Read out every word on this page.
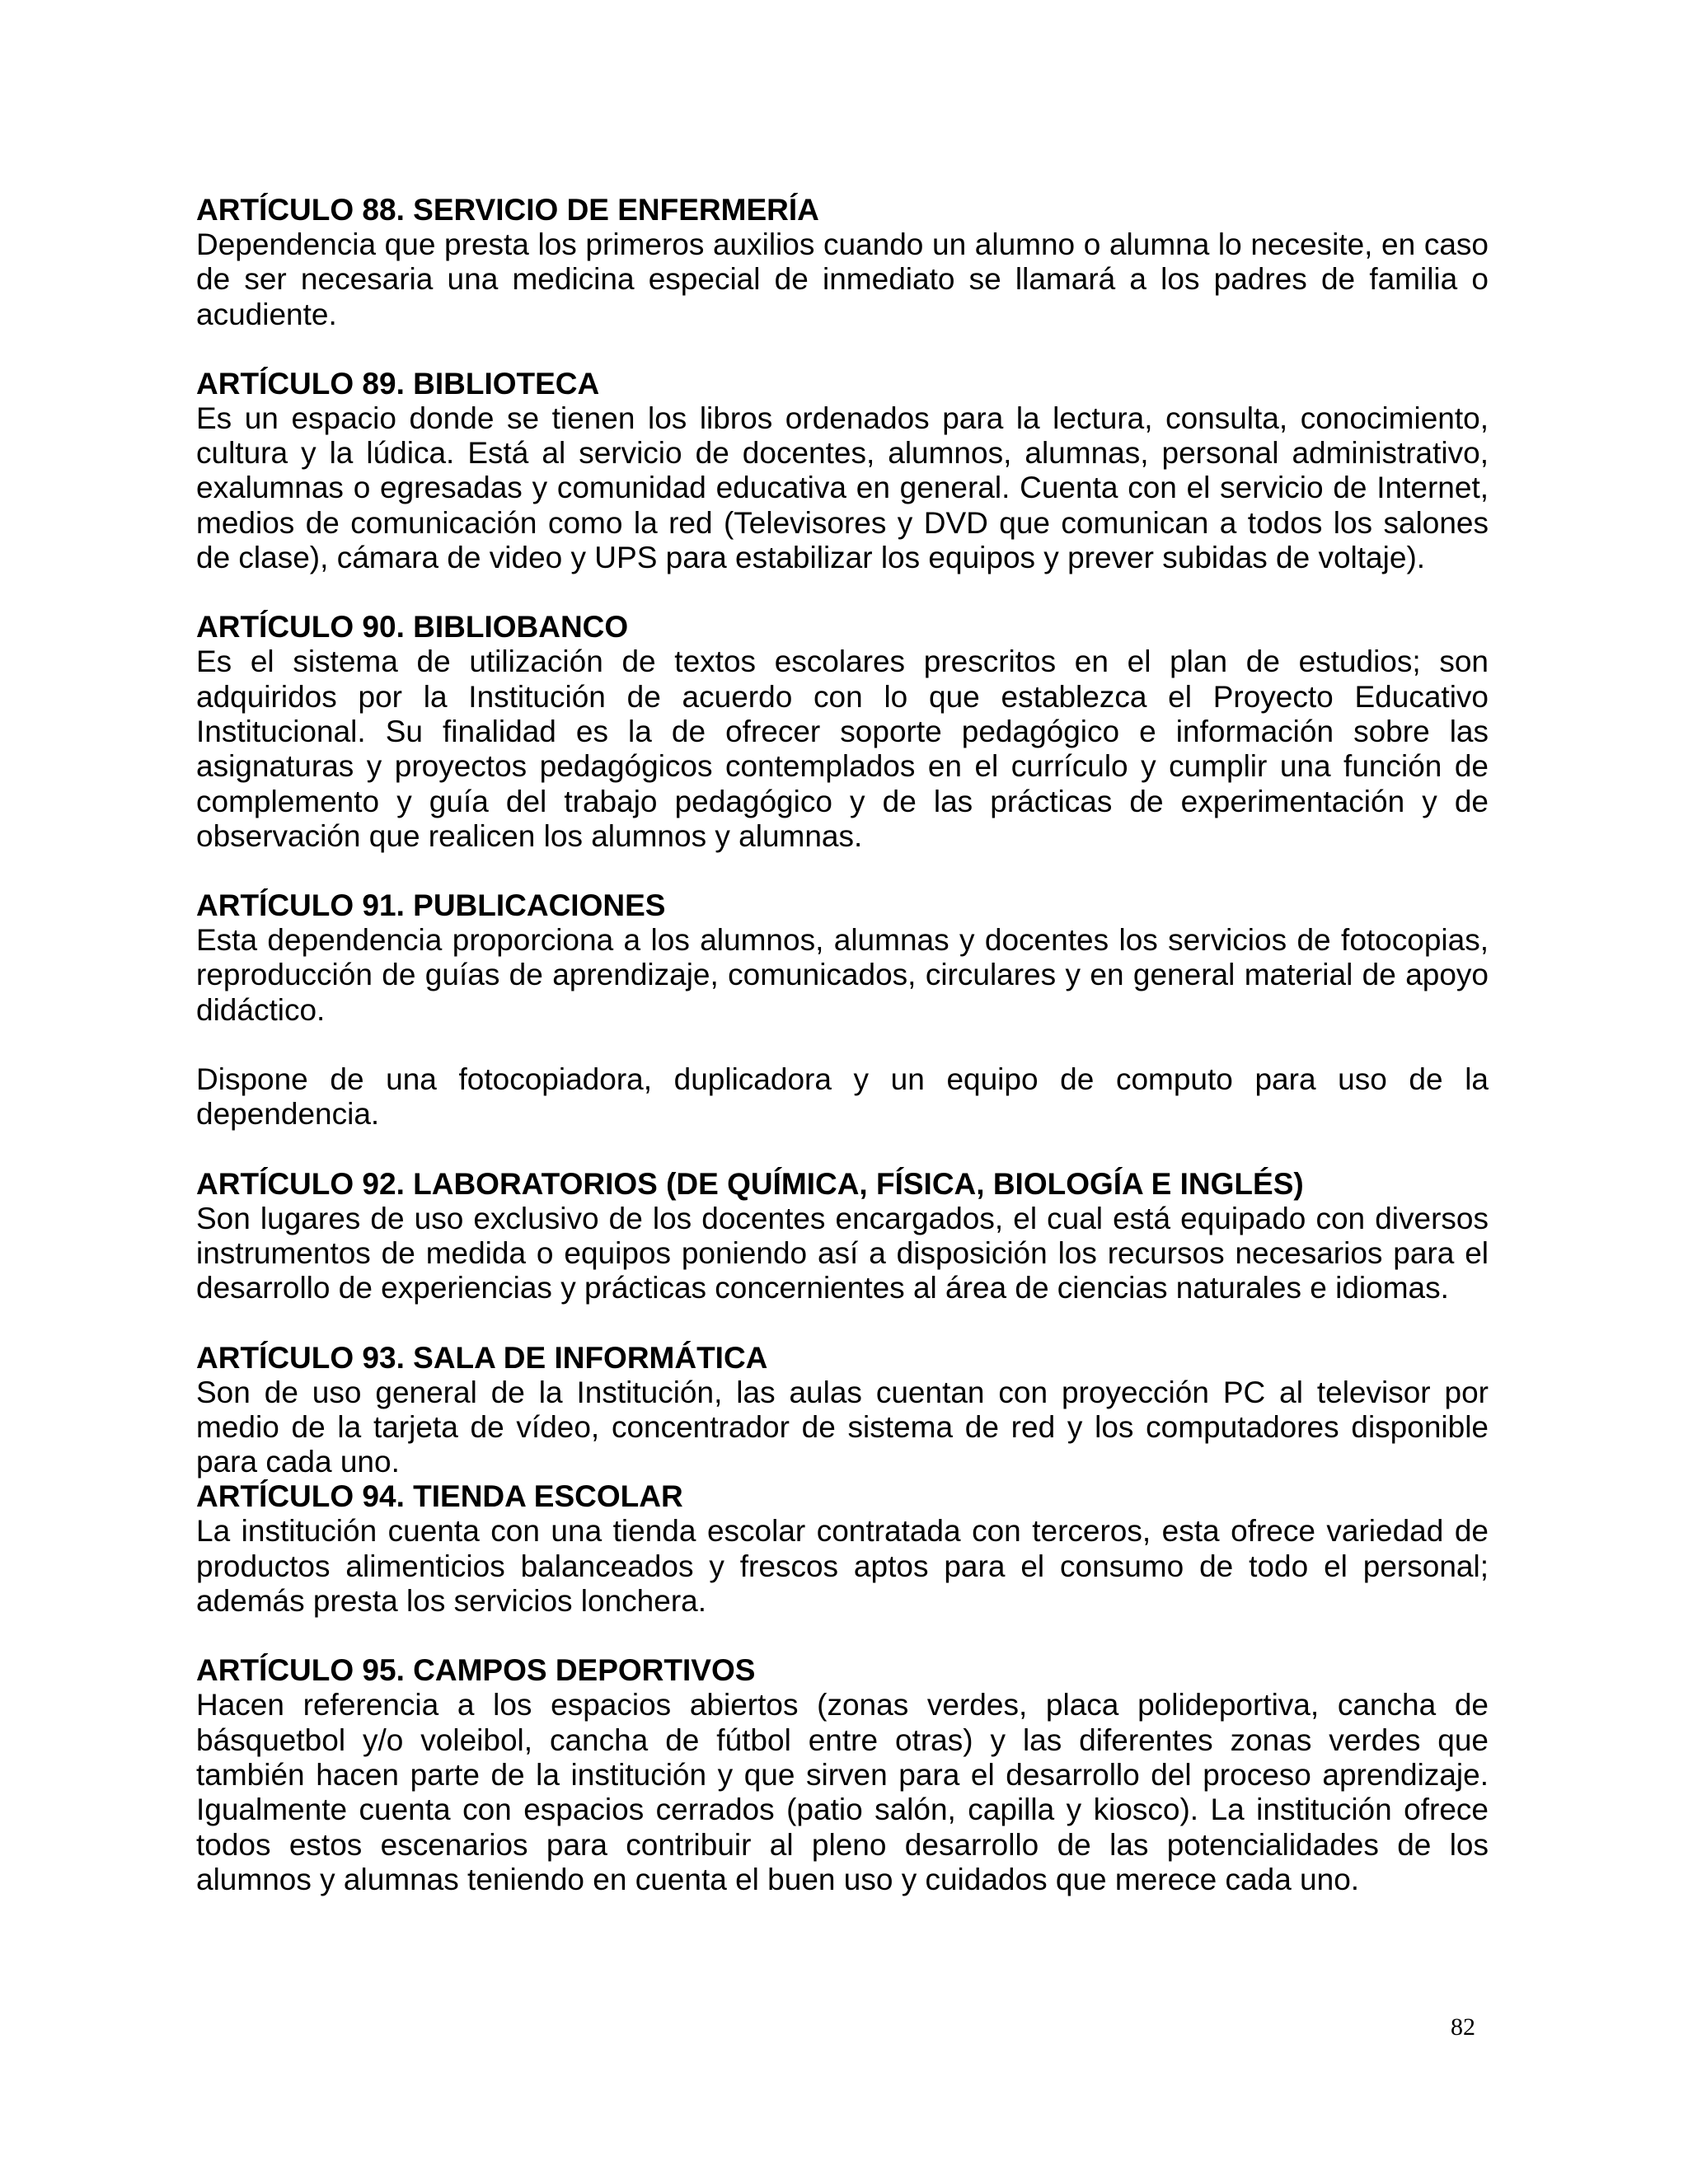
ARTÍCULO 88. SERVICIO DE ENFERMERÍA

Dependencia que presta los primeros auxilios cuando un alumno o alumna lo necesite, en caso de ser necesaria una medicina especial de inmediato se llamará a los padres de familia o acudiente.

ARTÍCULO 89. BIBLIOTECA

Es un espacio donde se tienen los libros ordenados para la lectura, consulta, conocimiento, cultura y la lúdica. Está al servicio de docentes, alumnos, alumnas, personal administrativo, exalumnas o egresadas y comunidad educativa en general. Cuenta con el servicio de Internet, medios de comunicación como la red (Televisores y DVD que comunican a todos los salones de clase), cámara de video y UPS para estabilizar los equipos y prever subidas de voltaje).

ARTÍCULO 90. BIBLIOBANCO

Es el sistema de utilización de textos escolares prescritos en el plan de estudios; son adquiridos por la Institución de acuerdo con lo que establezca el Proyecto Educativo Institucional. Su finalidad es la de ofrecer soporte pedagógico e información sobre las asignaturas y proyectos pedagógicos contemplados en el currículo y cumplir una función de complemento y guía del trabajo pedagógico y de las prácticas de experimentación y de observación que realicen los alumnos y alumnas.

ARTÍCULO 91. PUBLICACIONES

Esta dependencia proporciona a los alumnos, alumnas y docentes los servicios de fotocopias, reproducción de guías de aprendizaje, comunicados, circulares y en general material de apoyo didáctico.

Dispone de una fotocopiadora, duplicadora y un equipo de computo para uso de la dependencia.

ARTÍCULO 92. LABORATORIOS (DE QUÍMICA, FÍSICA, BIOLOGÍA E INGLÉS)

Son lugares de uso exclusivo de los docentes encargados, el cual está equipado con diversos instrumentos de medida o equipos poniendo así a disposición los recursos necesarios para el desarrollo de experiencias y prácticas concernientes al área de ciencias naturales e idiomas.

ARTÍCULO 93. SALA DE INFORMÁTICA

Son de uso general de la Institución, las aulas cuentan con proyección PC al televisor por medio de la tarjeta de vídeo, concentrador de sistema de red y los computadores disponible para cada uno.

ARTÍCULO 94. TIENDA ESCOLAR

La institución cuenta con una tienda escolar contratada con terceros, esta ofrece variedad de productos alimenticios balanceados y frescos aptos para el consumo de todo el personal; además presta los servicios lonchera.

ARTÍCULO 95. CAMPOS DEPORTIVOS

Hacen referencia a los espacios abiertos (zonas verdes, placa polideportiva, cancha de básquetbol y/o voleibol, cancha de fútbol entre otras) y las diferentes zonas verdes que también hacen parte de la institución y que sirven para el desarrollo del proceso aprendizaje. Igualmente cuenta con espacios cerrados (patio salón, capilla y kiosco). La institución ofrece todos estos escenarios para contribuir al pleno desarrollo de las potencialidades de los alumnos y alumnas teniendo en cuenta el buen uso y cuidados que merece cada uno.

82
